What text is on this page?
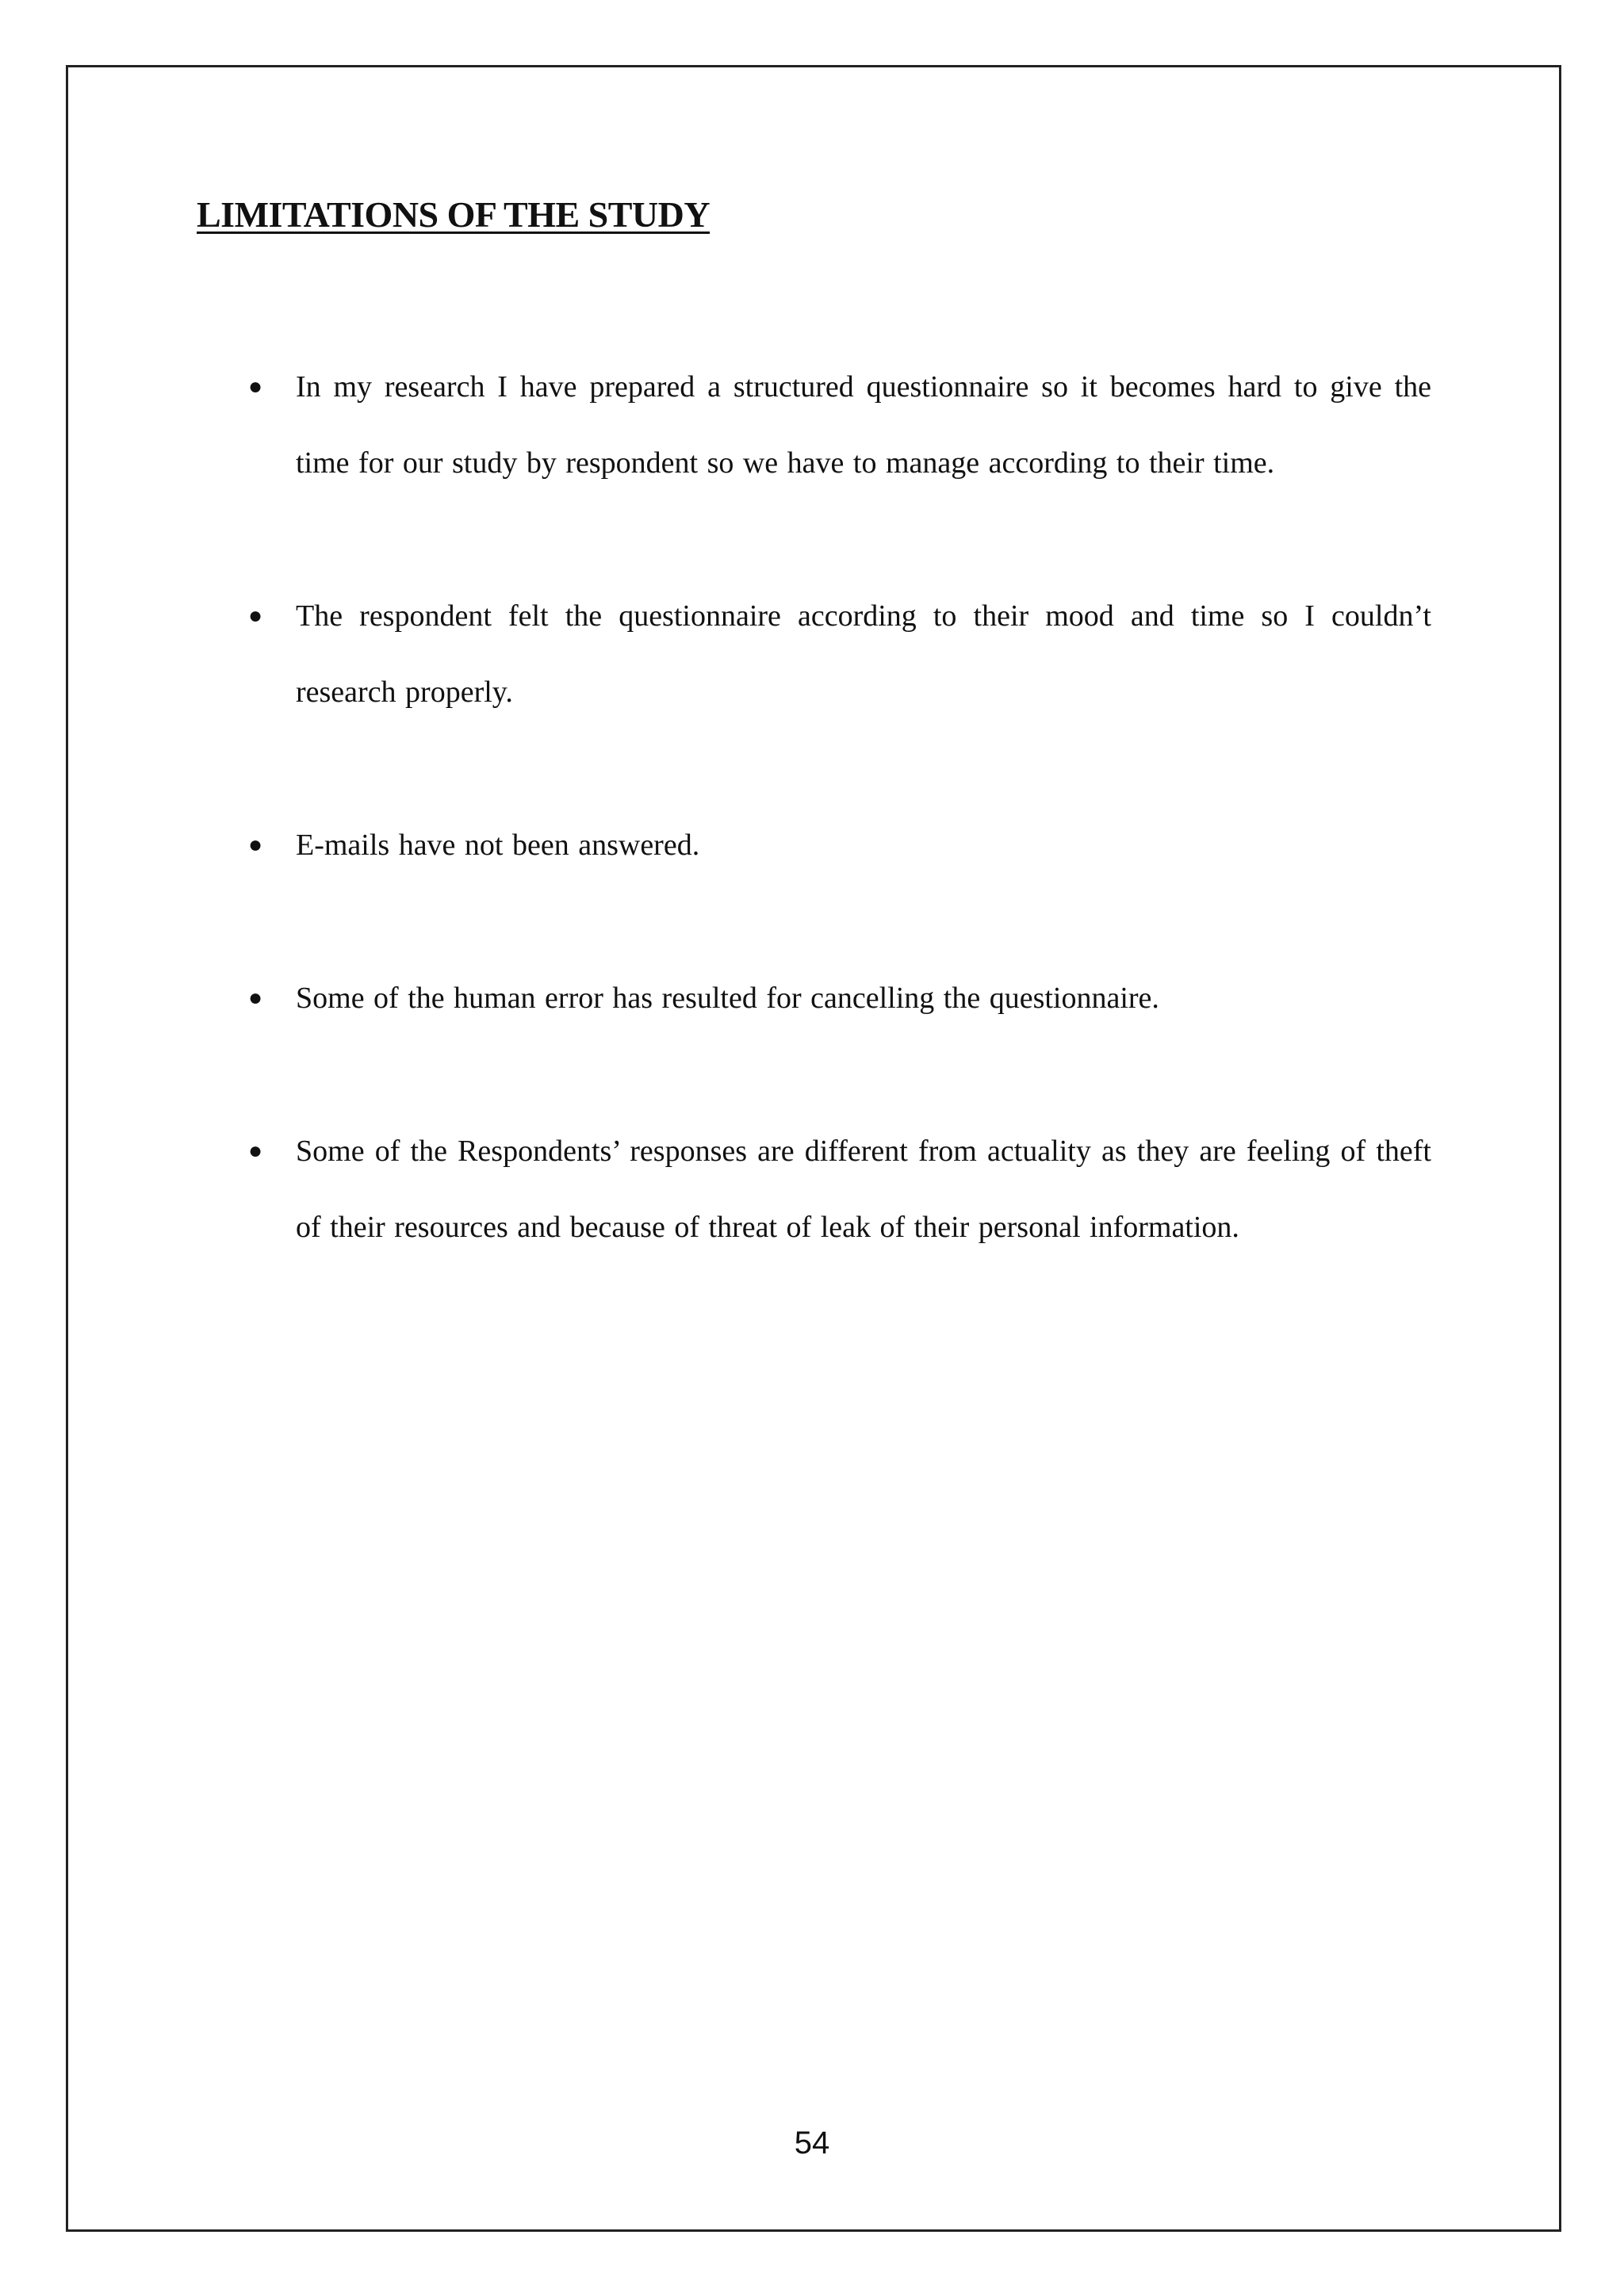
LIMITATIONS OF THE STUDY
● In my research I have prepared a structured questionnaire so it becomes hard to give the time for our study by respondent so we have to manage according to their time.
● The respondent felt the questionnaire according to their mood and time so I couldn’t research properly.
● E-mails have not been answered.
● Some of the human error has resulted for cancelling the questionnaire.
● Some of the Respondents’ responses are different from actuality as they are feeling of theft of their resources and because of threat of leak of their personal information.
54
